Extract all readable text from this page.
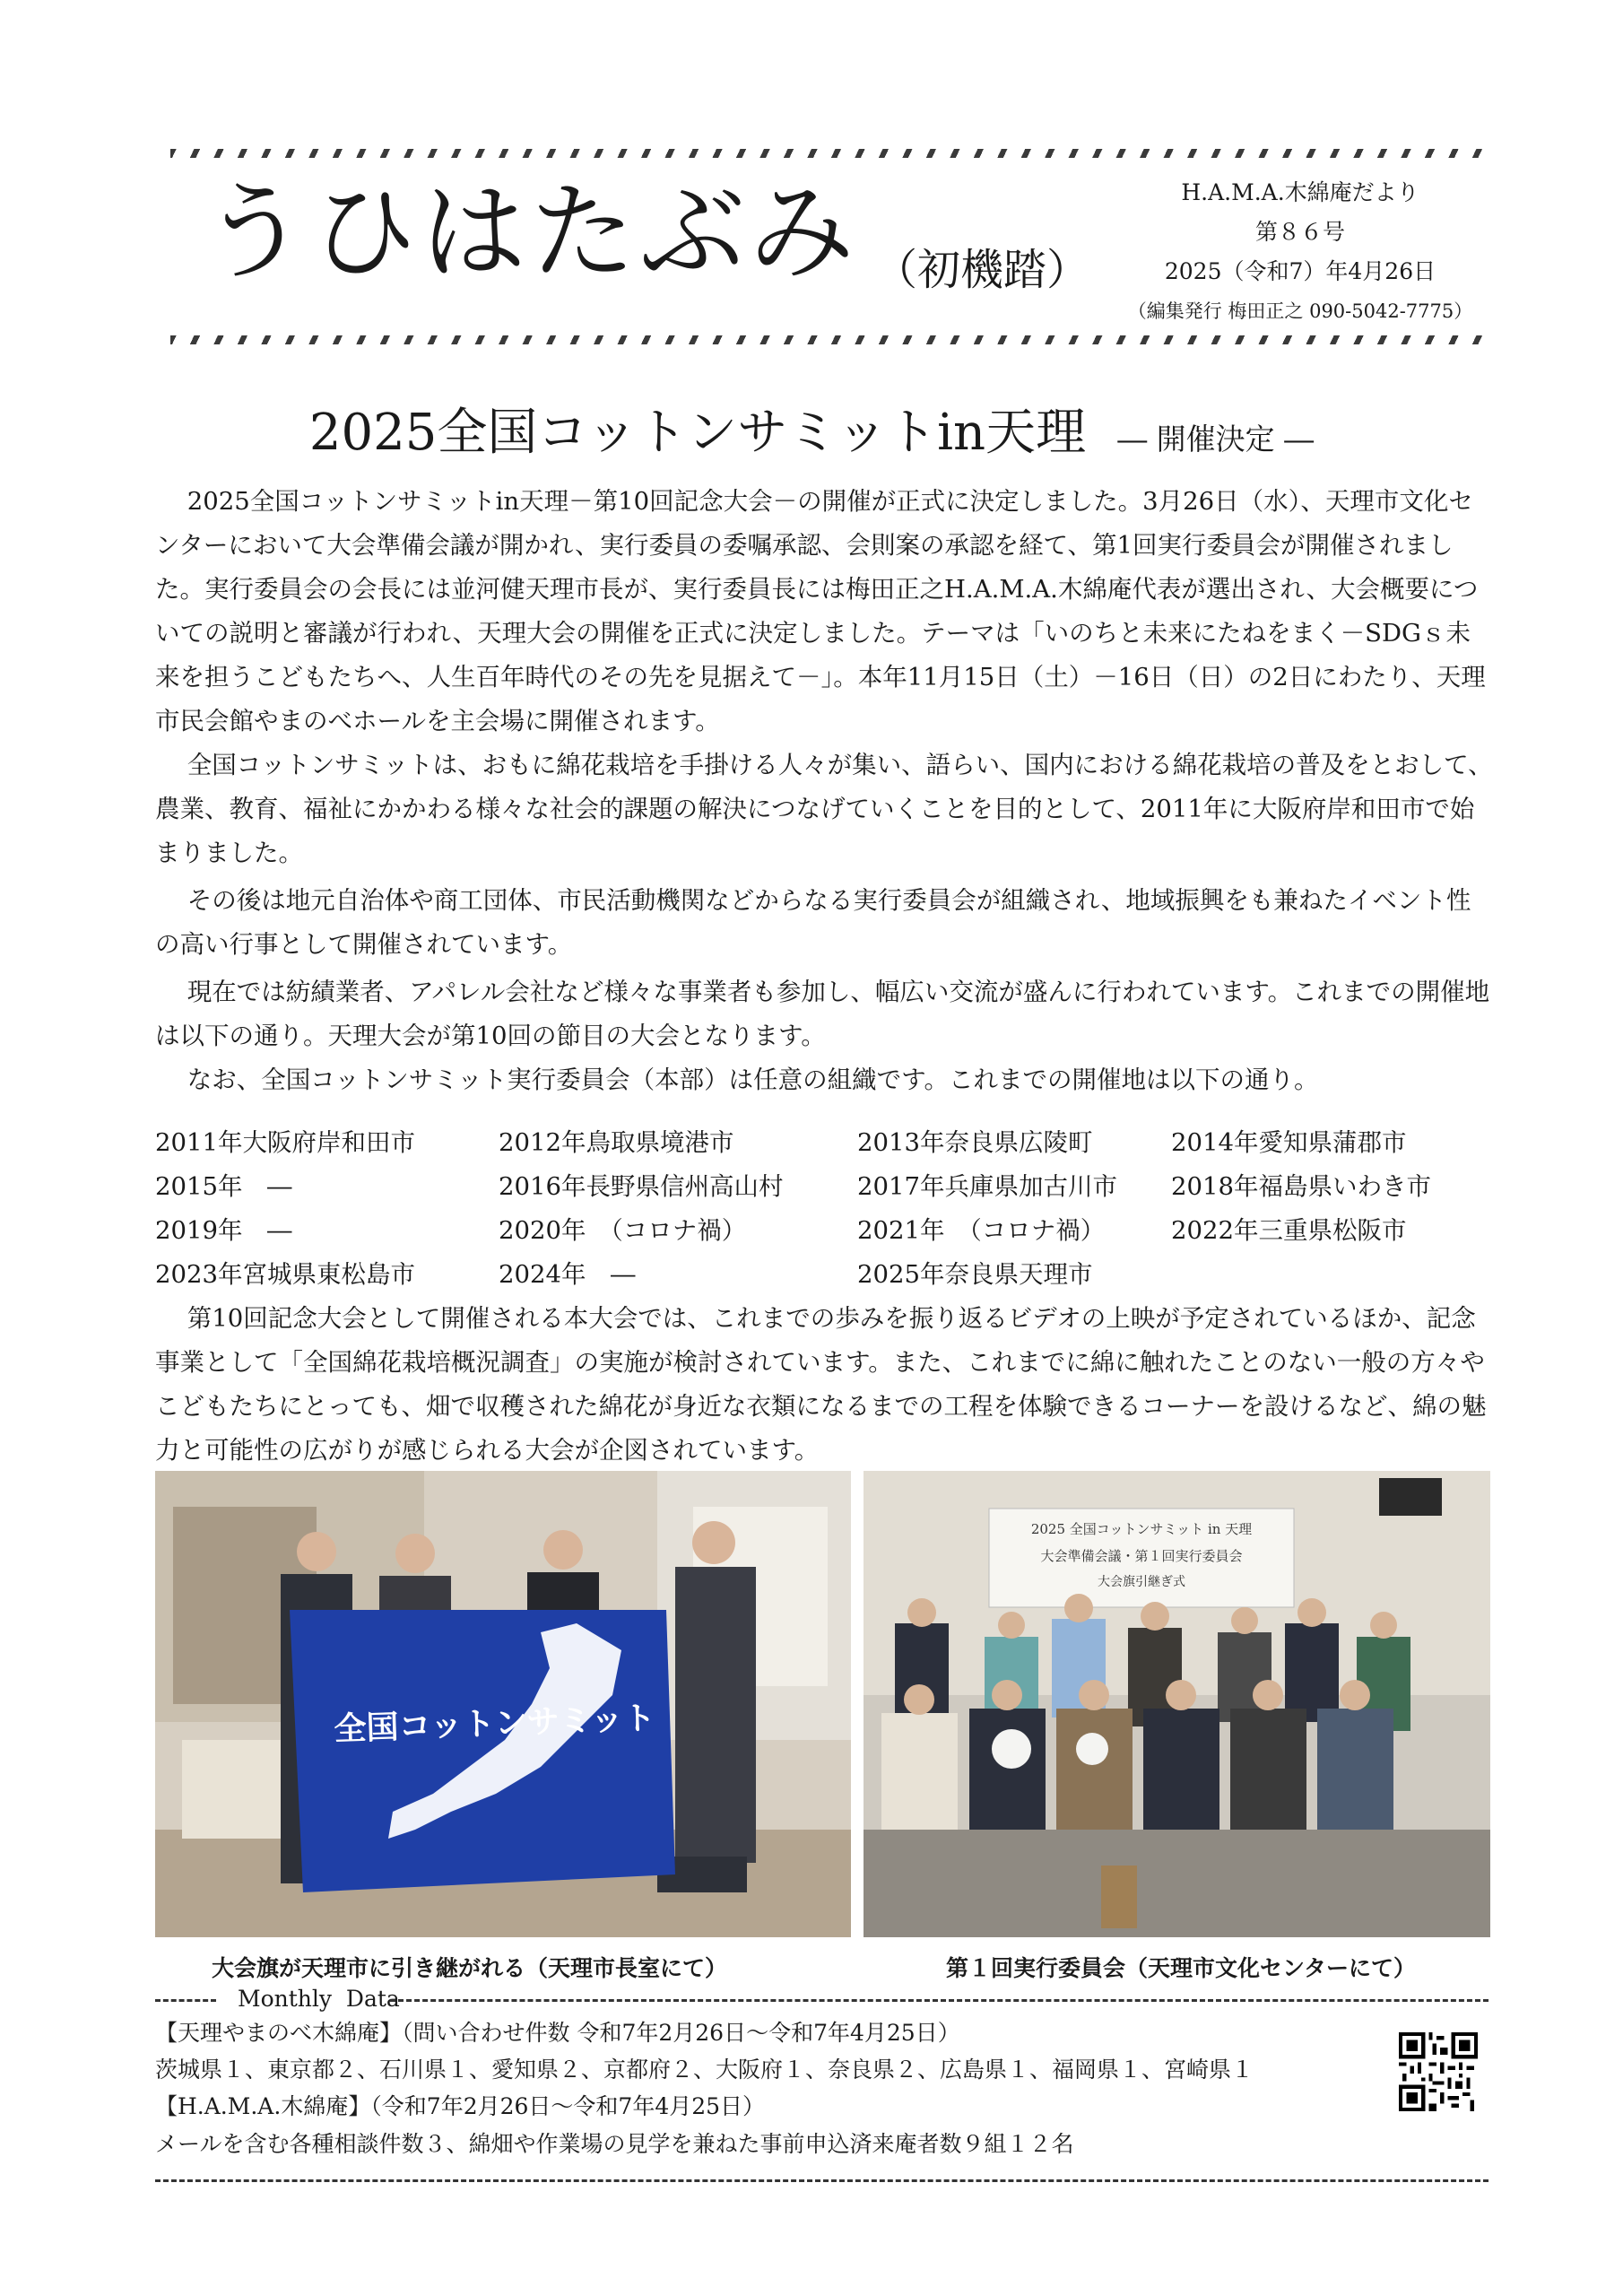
うひはたぶみ （初機踏）
H.A.M.A.木綿庵だより
第８６号
2025（令和7）年4月26日
（編集発行 梅田正之 090-5042-7775）
2025全国コットンサミットin天理 ― 開催決定 ―

2025全国コットンサミットin天理－第10回記念大会－の開催が正式に決定しました。3月26日（水）、天理市文化センターにおいて大会準備会議が開かれ、実行委員の委嘱承認、会則案の承認を経て、第1回実行委員会が開催されました。実行委員会の会長には並河健天理市長が、実行委員長には梅田正之H.A.M.A.木綿庵代表が選出され、大会概要についての説明と審議が行われ、天理大会の開催を正式に決定しました。テーマは「いのちと未来にたねをまく－SDGｓ未来を担うこどもたちへ、人生百年時代のその先を見据えて－」。本年11月15日（土）－16日（日）の2日にわたり、天理市民会館やまのべホールを主会場に開催されます。

全国コットンサミットは、おもに綿花栽培を手掛ける人々が集い、語らい、国内における綿花栽培の普及をとおして、農業、教育、福祉にかかわる様々な社会的課題の解決につなげていくことを目的として、2011年に大阪府岸和田市で始まりました。

その後は地元自治体や商工団体、市民活動機関などからなる実行委員会が組織され、地域振興をも兼ねたイベント性の高い行事として開催されています。

現在では紡績業者、アパレル会社など様々な事業者も参加し、幅広い交流が盛んに行われています。これまでの開催地は以下の通り。天理大会が第10回の節目の大会となります。

なお、全国コットンサミット実行委員会（本部）は任意の組織です。これまでの開催地は以下の通り。

2011年大阪府岸和田市	2012年鳥取県境港市	2013年奈良県広陵町	2014年愛知県蒲郡市
2015年　―	2016年長野県信州高山村	2017年兵庫県加古川市	2018年福島県いわき市
2019年　―	2020年　（コロナ禍）	2021年　（コロナ禍）	2022年三重県松阪市
2023年宮城県東松島市	2024年　―	2025年奈良県天理市

第10回記念大会として開催される本大会では、これまでの歩みを振り返るビデオの上映が予定されているほか、記念事業として「全国綿花栽培概況調査」の実施が検討されています。また、これまでに綿に触れたことのない一般の方々やこどもたちにとっても、畑で収穫された綿花が身近な衣類になるまでの工程を体験できるコーナーを設けるなど、綿の魅力と可能性の広がりが感じられる大会が企図されています。

全国コットンサミット
2025 全国コットンサミット in 天理
大会準備会議・第１回実行委員会
大会旗引継ぎ式
大会旗が天理市に引き継がれる（天理市長室にて）	第１回実行委員会（天理市文化センターにて）
Monthly  Data
【天理やまのべ木綿庵】（問い合わせ件数 令和7年2月26日～令和7年4月25日）
茨城県１、東京都２、石川県１、愛知県２、京都府２、大阪府１、奈良県２、広島県１、福岡県１、宮崎県１
【H.A.M.A.木綿庵】（令和7年2月26日～令和7年4月25日）
メールを含む各種相談件数３、綿畑や作業場の見学を兼ねた事前申込済来庵者数９組１２名
